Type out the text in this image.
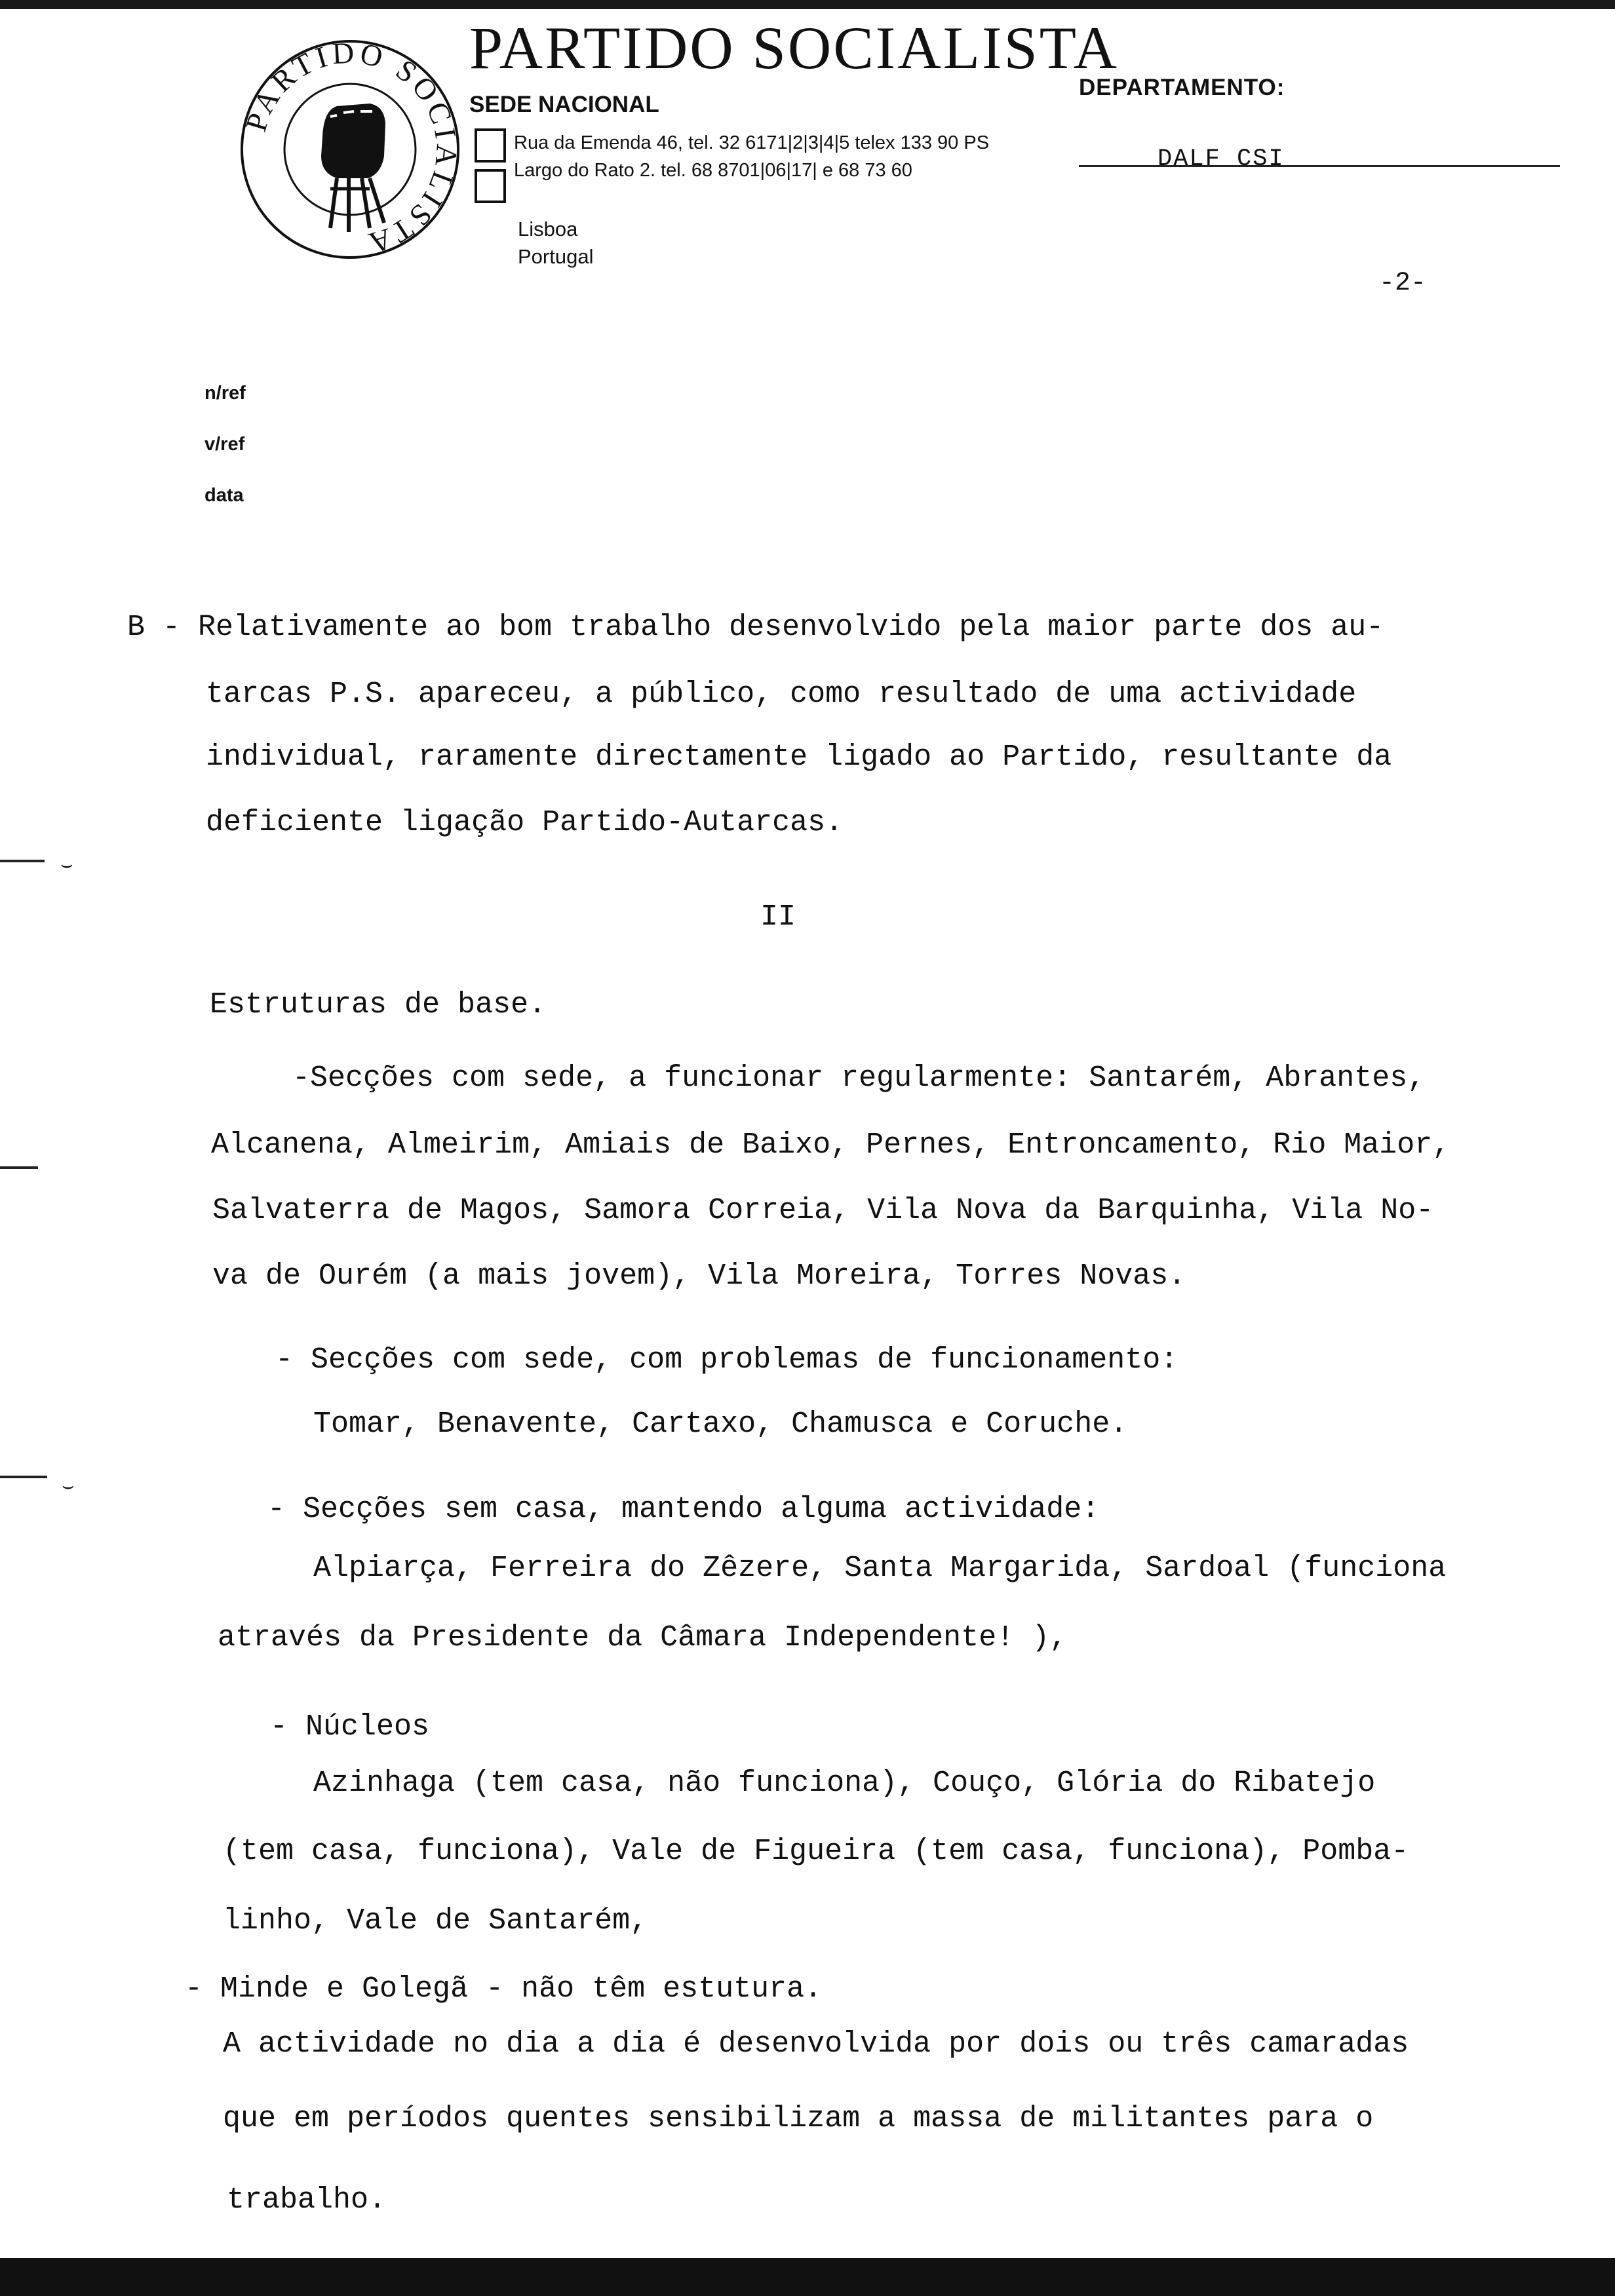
PARTIDO SOCIALISTA
PARTIDO SOCIALISTA
SEDE NACIONAL
DEPARTAMENTO:
Rua da Emenda 46, tel. 32 6171|2|3|4|5 telex 133 90 PS
Largo do Rato 2. tel. 68 8701|06|17| e 68 73 60	DALF CSI
Lisboa
Portugal
-2-
n/ref
v/ref
data
B - Relativamente ao bom trabalho desenvolvido pela maior parte dos au-
tarcas P.S. apareceu, a público, como resultado de uma actividade
individual, raramente directamente ligado ao Partido, resultante da
deficiente ligação Partido-Autarcas.
II
Estruturas de base.
-Secções com sede, a funcionar regularmente: Santarém, Abrantes,
Alcanena, Almeirim, Amiais de Baixo, Pernes, Entroncamento, Rio Maior,
Salvaterra de Magos, Samora Correia, Vila Nova da Barquinha, Vila No-
va de Ourém (a mais jovem), Vila Moreira, Torres Novas.
- Secções com sede, com problemas de funcionamento:
Tomar, Benavente, Cartaxo, Chamusca e Coruche.
- Secções sem casa, mantendo alguma actividade:
Alpiarça, Ferreira do Zêzere, Santa Margarida, Sardoal (funciona
através da Presidente da Câmara Independente! ),
- Núcleos
Azinhaga (tem casa, não funciona), Couço, Glória do Ribatejo
(tem casa, funciona), Vale de Figueira (tem casa, funciona), Pomba-
linho, Vale de Santarém,
- Minde e Golegã - não têm estutura.
A actividade no dia a dia é desenvolvida por dois ou três camaradas
que em períodos quentes sensibilizam a massa de militantes para o
trabalho.
⌣
⌣
